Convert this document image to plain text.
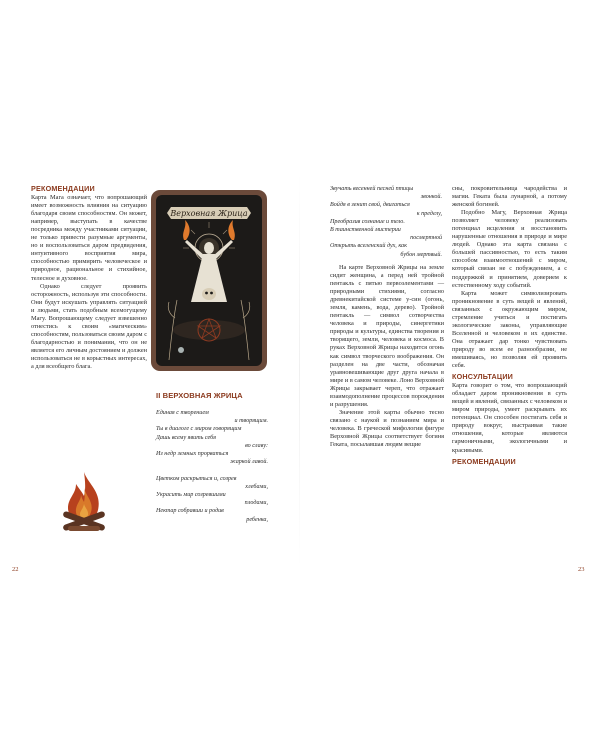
РЕКОМЕНДАЦИИ

Карта Мага означает, что вопрошающий имеет возможность влияния на ситуацию благодаря своим способностям. Он может, например, выступать в качестве посредника между участниками ситуации, не только привести разумные аргументы, но и воспользоваться даром предвидения, интуитивного восприятия мира, способностью примирить человеческое и природное, рациональное и стихийное, телесное и духовное.

Однако следует проявить осторожность, используя эти способности. Они будут искушать управлять ситуацией и людьми, стать подобным всемогущему Магу. Вопрошающему следует взвешенно отнестись к своим «магическим» способностям, пользоваться своим даром с благодарностью и понимании, что он не является его личным достоянием и должен использоваться не в корыстных интересах, а для всеобщего блага.

Верховная Жрица
II ВЕРХОВНАЯ ЖРИЦА
Единая с творением
и творящим.
Ты в диалоге с миром говорящим
Дашь всему явить себя
во славу:
Из недр земных прорваться
жаркой лавой.

Цветком раскрыться и, созрев
хлебами,
Украсить мир созревшими
плодами,
Нектар собравши и родив
ребенка,
22
Звучать весенней песней птицы
звонкой.
Войдя в зенит свой, двигаться
к пределу,
Преобразив сознание и тело.
В таинственной мистерии
посмертной
Открыть вселенский дух, как
бубон мертвый.

На карте Верховной Жрицы на земле сидит женщина, а перед ней тройной пентакль с пятью первоэлементами — природными стихиями, согласно древнекитайской системе у-син (огонь, земля, камень, вода, дерево). Тройной пентакль — символ сотворчества человека и природы, синергетики природы и культуры, единства творения и творящего, земли, человека и космоса. В руках Верховной Жрицы находится огонь как символ творческого воображения. Он разделен на две части, обозначая уравновешивающие друг друга начала в мире и в самом человеке. Лоно Верховной Жрицы закрывает череп, что отражает взаимодополнение процессов порождения и разрушения.

Значение этой карты обычно тесно связано с наукой и познанием мира и человека. В греческой мифологии фигуре Верховной Жрицы соответствует богиня Геката, посылавшая людям вещие

сны, покровительница чародейства и магии. Геката была лунарной, а потому женской богиней.

Подобно Магу, Верховная Жрица позволяет человеку реализовать потенциал исцеления и восстановить нарушенные отношения в природе и мире людей. Однако эта карта связана с большей пассивностью, то есть таким способом взаимоотношений с миром, который связан не с побуждением, а с поддержкой и принятием, доверием к естественному ходу событий.

Карта может символизировать проникновение в суть вещей и явлений, связанных с окружающим миром, стремление учиться и постигать экологические законы, управляющие Вселенной и человеком в их единстве. Она отражает дар тонко чувствовать природу во всем ее разнообразии, не вмешиваясь, но позволяя ей проявить себя.

КОНСУЛЬТАЦИИ

Карта говорит о том, что вопрошающий обладает даром проникновения в суть вещей и явлений, связанных с человеком и миром природы, умеет раскрывать их потенциал. Он способен постигать себя и природу вокруг, выстраивая такие отношения, которые являются гармоничными, экологичными и красивыми.

РЕКОМЕНДАЦИИ
23
